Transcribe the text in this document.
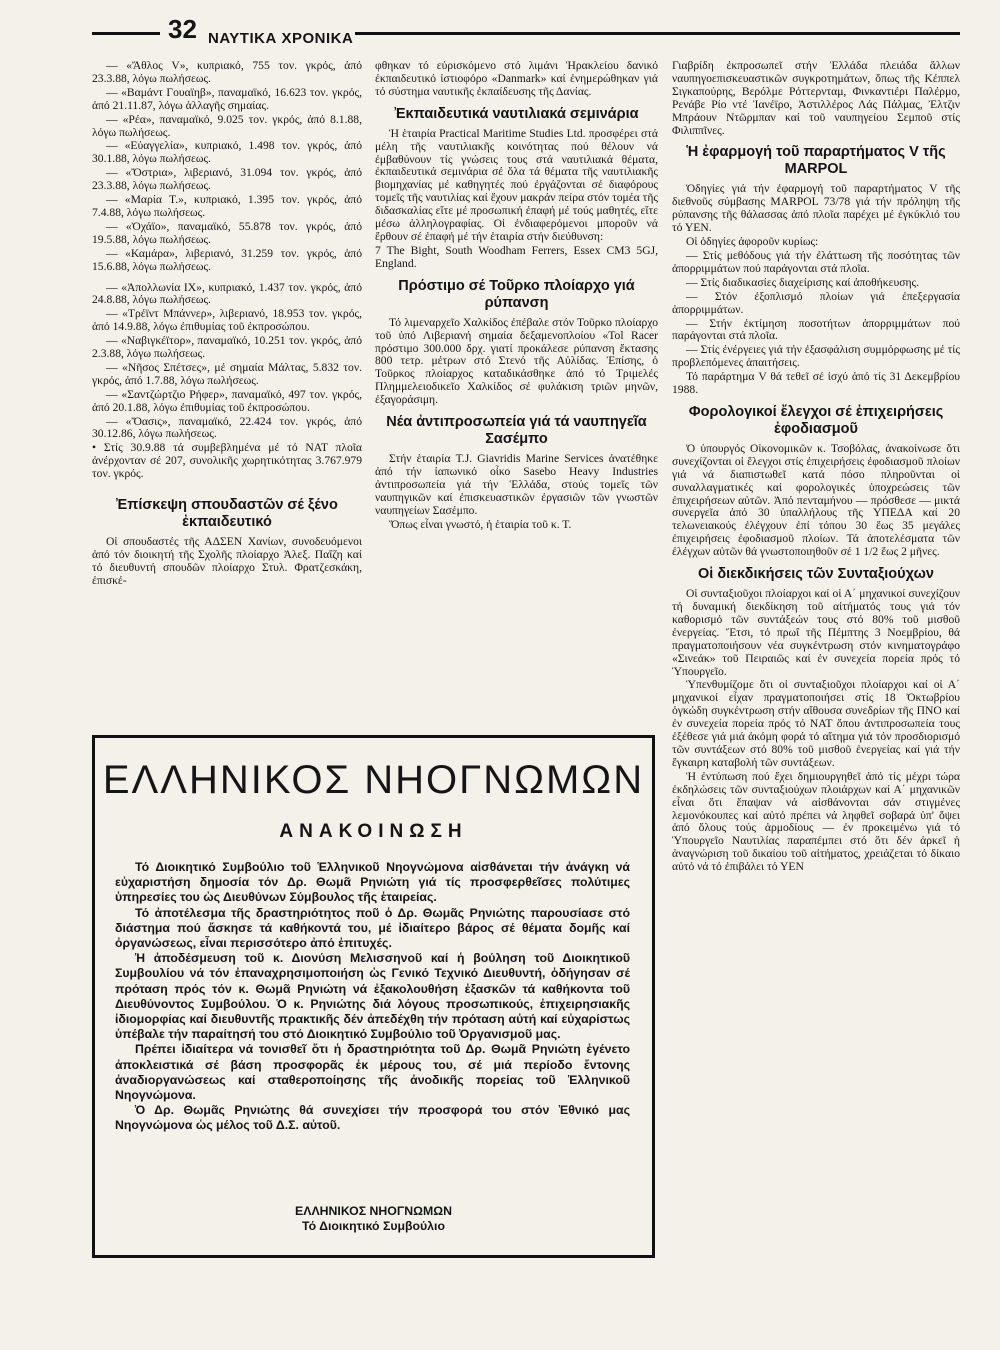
32 ΝΑΥΤΙΚΑ ΧΡΟΝΙΚΑ

— «Ἄθλος V», κυπριακό, 755 τον. γκρός, ἀπό 23.3.88, λόγω πωλήσεως.

— «Βαμάντ Γουαϊηβ», παναμαϊκό, 16.623 τον. γκρός, ἀπό 21.11.87, λόγω ἀλλαγῆς σημαίας.

— «Ρέα», παναμαϊκό, 9.025 τον. γκρός, ἀπό 8.1.88, λόγω πωλήσεως.

— «Εὐαγγελία», κυπριακό, 1.498 τον. γκρός, ἀπό 30.1.88, λόγω πωλήσεως.

— «Ὄστρια», λιβεριανό, 31.094 τον. γκρός, ἀπό 23.3.88, λόγω πωλήσεως.

— «Μαρία Τ.», κυπριακό, 1.395 τον. γκρός, ἀπό 7.4.88, λόγω πωλήσεως.

— «Ὀχάϊο», παναμαϊκό, 55.878 τον. γκρός, ἀπό 19.5.88, λόγω πωλήσεως.

— «Καμάρα», λιβεριανό, 31.259 τον. γκρός, ἀπό 15.6.88, λόγω πωλήσεως.

— «Ἀπολλωνία ΙΧ», κυπριακό, 1.437 τον. γκρός, ἀπό 24.8.88, λόγω πωλήσεως.

— «Τρέϊντ Μπάννερ», λιβεριανό, 18.953 τον. γκρός, ἀπό 14.9.88, λόγω ἐπιθυμίας τοῦ ἐκπροσώπου.

— «Ναβιγκέϊτορ», παναμαϊκό, 10.251 τον. γκρός, ἀπό 2.3.88, λόγω πωλήσεως.

— «Νῆσος Σπέτσες», μέ σημαία Μάλτας, 5.832 τον. γκρός, ἀπό 1.7.88, λόγω πωλήσεως.

— «Σαντζώρτζιο Ρήφερ», παναμαϊκό, 497 τον. γκρός, ἀπό 20.1.88, λόγω ἐπιθυμίας τοῦ ἐκπροσώπου.

— «Ὄασις», παναμαϊκό, 22.424 τον. γκρός, ἀπό 30.12.86, λόγω πωλήσεως.

• Στίς 30.9.88 τά συμβεβλημένα μέ τό ΝΑΤ πλοῖα ἀνέρχονταν σέ 207, συνολικῆς χωρητικότητας 3.767.979 τον. γκρός.

Ἐπίσκεψη σπουδαστῶν σέ ξένο ἐκπαιδευτικό

Οἱ σπουδαστές τῆς ΑΔΣΕΝ Χανίων, συνοδευόμενοι ἀπό τόν διοικητή τῆς Σχολῆς πλοίαρχο Ἀλεξ. Παΐζη καί τό διευθυντή σπουδῶν πλοίαρχο Στυλ. Φρατζεσκάκη, ἐπισκέ-

φθηκαν τό εὐρισκόμενο στό λιμάνι Ἡρακλείου δανικό ἐκπαιδευτικό ἱστιοφόρο «Danmark» καί ἐνημερώθηκαν γιά τό σύστημα ναυτικῆς ἐκπαίδευσης τῆς Δανίας.

Ἐκπαιδευτικά ναυτιλιακά σεμινάρια

Ἡ ἑταιρία Practical Maritime Studies Ltd. προσφέρει στά μέλη τῆς ναυτιλιακῆς κοινότητας πού θέλουν νά ἐμβαθύνουν τίς γνώσεις τους στά ναυτιλιακά θέματα, ἐκπαιδευτικά σεμινάρια σέ ὅλα τά θέματα τῆς ναυτιλιακῆς βιομηχανίας μέ καθηγητές πού ἐργάζονται σέ διαφόρους τομεῖς τῆς ναυτιλίας καί ἔχουν μακράν πείρα στόν τομέα τῆς διδασκαλίας εἴτε μέ προσωπική ἐπαφή μέ τούς μαθητές, εἴτε μέσω ἀλληλογραφίας. Οἱ ἐνδιαφερόμενοι μποροῦν νά ἔρθουν σέ ἐπαφή μέ τήν ἑταιρία στήν διεύθυνση:

7 The Bight, South Woodham Ferrers, Essex CM3 5GJ, England.

Πρόστιμο σέ Τοῦρκο πλοίαρχο γιά ρύπανση

Τό λιμεναρχεῖο Χαλκίδος ἐπέβαλε στόν Τοῦρκο πλοίαρχο τοῦ ὑπό Λιβεριανή σημαία δεξαμενοπλοίου «Tol Racer πρόστιμο 300.000 δρχ. γιατί προκάλεσε ρύπανση ἔκτασης 800 τετρ. μέτρων στό Στενό τῆς Αὐλίδας. Ἐπίσης, ὁ Τοῦρκος πλοίαρχος καταδικάσθηκε ἀπό τό Τριμελές Πλημμελειοδικεῖο Χαλκίδος σέ φυλάκιση τριῶν μηνῶν, ἐξαγοράσιμη.

Νέα ἀντιπροσωπεία γιά τά ναυπηγεῖα Σασέμπο

Στήν ἑταιρία T.J. Giavridis Marine Services ἀνατέθηκε ἀπό τήν ἰαπωνικό οἶκο Sasebo Heavy Industries ἀντιπροσωπεία γιά τήν Ἑλλάδα, στούς τομεῖς τῶν ναυπηγικῶν καί ἐπισκευαστικῶν ἐργασιῶν τῶν γνωστῶν ναυπηγείων Σασέμπο.

Ὅπως εἶναι γνωστό, ἡ ἑταιρία τοῦ κ. Τ.

Γιαβρίδη ἐκπροσωπεῖ στήν Ἑλλάδα πλειάδα ἄλλων ναυπηγοεπισκευαστικῶν συγκροτημάτων, ὅπως τῆς Κέππελ Σιγκαπούρης, Βερόλμε Ρόττερνταμ, Φινκαντιέρι Παλέρμο, Ρενάβε Ρίο ντέ Ἰανέϊρο, Ἀστιλλέρος Λάς Πάλμας, Ἐλτζιν Μπράουν Ντῶρμπαν καί τοῦ ναυπηγείου Σεμποῦ στίς Φιλιππῖνες.

Ἡ ἐφαρμογή τοῦ παραρτήματος V τῆς MARPOL

Ὁδηγίες γιά τήν ἐφαρμογή τοῦ παραρτήματος V τῆς διεθνοῦς σύμβασης MARPOL 73/78 γιά τήν πρόληψη τῆς ρύπανσης τῆς θάλασσας ἀπό πλοῖα παρέχει μέ ἐγκύκλιό του τό ΥΕΝ.

Οἱ ὁδηγίες ἀφοροῦν κυρίως:

— Στίς μεθόδους γιά τήν ἐλάττωση τῆς ποσότητας τῶν ἀπορριμμάτων πού παράγονται στά πλοῖα.

— Στίς διαδικασίες διαχείρισης καί ἀποθήκευσης.

— Στόν ἐξοπλισμό πλοίων γιά ἐπεξεργασία ἀπορριμμάτων.

— Στήν ἐκτίμηση ποσοτήτων ἀπορριμμάτων πού παράγονται στά πλοῖα.

— Στίς ἐνέργειες γιά τήν ἐξασφάλιση συμμόρφωσης μέ τίς προβλεπόμενες ἀπαιτήσεις.

Τό παράρτημα V θά τεθεῖ σέ ἰσχύ ἀπό τίς 31 Δεκεμβρίου 1988.

Φορολογικοί ἔλεγχοι σέ ἐπιχειρήσεις ἐφοδιασμοῦ

Ὁ ὑπουργός Οἰκονομικῶν κ. Τσοβόλας, ἀνακοίνωσε ὅτι συνεχίζονται οἱ ἔλεγχοι στίς ἐπιχειρήσεις ἐφοδιασμοῦ πλοίων γιά νά διαπιστωθεῖ κατά πόσο πληροῦνται οἱ συναλλαγματικές καί φορολογικές ὑποχρεώσεις τῶν ἐπιχειρήσεων αὐτῶν. Ἀπό πενταμήνου — πρόσθεσε — μικτά συνεργεῖα ἀπό 30 ὑπαλλήλους τῆς ΥΠΕΔΑ καί 20 τελωνειακούς ἐλέγχουν ἐπί τόπου 30 ἕως 35 μεγάλες ἐπιχειρήσεις ἐφοδιασμοῦ πλοίων. Τά ἀποτελέσματα τῶν ἐλέγχων αὐτῶν θά γνωστοποιηθοῦν σέ 1 1/2 ἕως 2 μῆνες.

Οἱ διεκδικήσεις τῶν Συνταξιούχων

Οἱ συνταξιοῦχοι πλοίαρχοι καί οἱ Α΄ μηχανικοί συνεχίζουν τή δυναμική διεκδίκηση τοῦ αἰτήματός τους γιά τόν καθορισμό τῶν συντάξεών τους στό 80% τοῦ μισθοῦ ἐνεργείας. Ἔτσι, τό πρωΐ τῆς Πέμπτης 3 Νοεμβρίου, θά πραγματοποιήσουν νέα συγκέντρωση στόν κινηματογράφο «Σινεάκ» τοῦ Πειραιῶς καί ἐν συνεχεία πορεία πρός τό Ὑπουργεῖο.

Ὑπενθυμίζομε ὅτι οἱ συνταξιοῦχοι πλοίαρχοι καί οἱ Α΄ μηχανικοί εἶχαν πραγματοποιήσει στίς 18 Ὀκτωβρίου ὀγκώδη συγκέντρωση στήν αἴθουσα συνεδρίων τῆς ΠΝΟ καί ἐν συνεχεία πορεία πρός τό ΝΑΤ ὅπου ἀντιπροσωπεία τους ἐξέθεσε γιά μιά ἀκόμη φορά τό αἴτημα γιά τόν προσδιορισμό τῶν συντάξεων στό 80% τοῦ μισθοῦ ἐνεργείας καί γιά τήν ἔγκαιρη καταβολή τῶν συντάξεων.

Ἡ ἐντύπωση πού ἔχει δημιουργηθεῖ ἀπό τίς μέχρι τώρα ἐκδηλώσεις τῶν συνταξιούχων πλοιάρχων καί Α΄ μηχανικῶν εἶναι ὅτι ἔπαψαν νά αἰσθάνονται σάν στιγμένες λεμονόκουπες καί αὐτό πρέπει νά ληφθεῖ σοβαρά ὑπ' ὄψει ἀπό ὅλους τούς ἁρμοδίους — ἐν προκειμένω γιά τό Ὑπουργεῖο Ναυτιλίας παραπέμπει στό ὅτι δέν ἀρκεῖ ἡ ἀναγνώριση τοῦ δικαίου τοῦ αἰτήματος, χρειάζεται τό δίκαιο αὐτό νά τό ἐπιβάλει τό ΥΕΝ

ΕΛΛΗΝΙΚΟΣ ΝΗΟΓΝΩΜΩΝ
ΑΝΑΚΟΙΝΩΣΗ

Τό Διοικητικό Συμβούλιο τοῦ Ἑλληνικοῦ Νηογνώμονα αἰσθάνεται τήν ἀνάγκη νά εὐχαριστήση δημοσία τόν Δρ. Θωμᾶ Ρηνιώτη γιά τίς προσφερθεῖσες πολύτιμες ὑπηρεσίες του ὡς Διευθύνων Σύμβουλος τῆς ἑταιρείας.

Τό ἀποτέλεσμα τῆς δραστηριότητος ποῦ ὁ Δρ. Θωμᾶς Ρηνιώτης παρουσίασε στό διάστημα πού ἄσκησε τά καθήκοντά του, μέ ἰδιαίτερο βάρος σέ θέματα δομῆς καί ὀργανώσεως, εἶναι περισσότερο ἀπό ἐπιτυχές.

Ἡ ἀποδέσμευση τοῦ κ. Διονύση Μελισσηνοῦ καί ἡ βούληση τοῦ Διοικητικοῦ Συμβουλίου νά τόν ἐπαναχρησιμοποιήση ὡς Γενικό Τεχνικό Διευθυντή, ὁδήγησαν σέ πρόταση πρός τόν κ. Θωμᾶ Ρηνιώτη νά ἐξακολουθήση ἐξασκῶν τά καθήκοντα τοῦ Διευθύνοντος Συμβούλου. Ὁ κ. Ρηνιώτης διά λόγους προσωπικούς, ἐπιχειρησιακῆς ἰδιομορφίας καί διευθυντῆς πρακτικῆς δέν ἀπεδέχθη τήν πρόταση αὐτή καί εὐχαρίστως ὑπέβαλε τήν παραίτησή του στό Διοικητικό Συμβούλιο τοῦ Ὀργανισμοῦ μας.

Πρέπει ἰδιαίτερα νά τονισθεῖ ὅτι ἡ δραστηριότητα τοῦ Δρ. Θωμᾶ Ρηνιώτη ἐγένετο ἀποκλειστικά σέ βάση προσφορᾶς ἐκ μέρους του, σέ μιά περίοδο ἔντονης ἀναδιοργανώσεως καί σταθεροποίησης τῆς ἀνοδικῆς πορείας τοῦ Ἑλληνικοῦ Νηογνώμονα.

Ὁ Δρ. Θωμᾶς Ρηνιώτης θά συνεχίσει τήν προσφορά του στόν Ἐθνικό μας Νηογνώμονα ὡς μέλος τοῦ Δ.Σ. αὐτοῦ.

ΕΛΛΗΝΙΚΟΣ ΝΗΟΓΝΩΜΩΝ
Τό Διοικητικό Συμβούλιο
